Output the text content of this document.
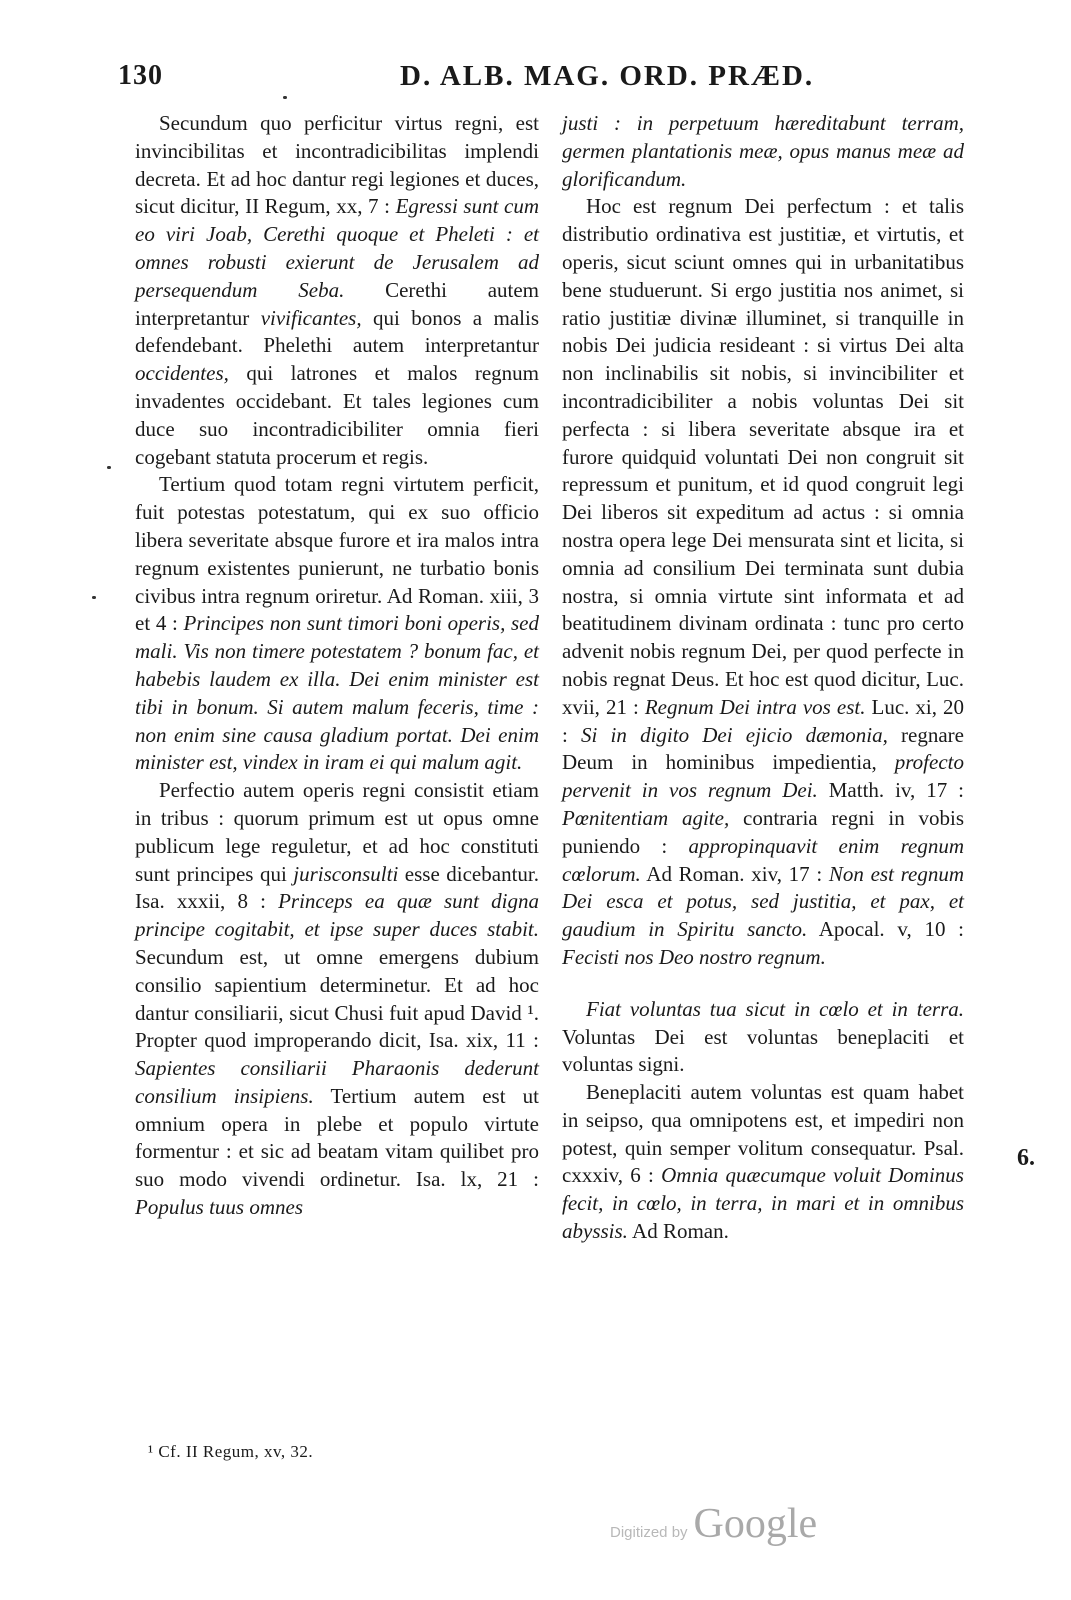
130	D. ALB. MAG. ORD. PRÆD.

Secundum quo perficitur virtus regni, est invincibilitas et incontradicibilitas implendi decreta. Et ad hoc dantur regi legiones et duces, sicut dicitur, II Regum, xx, 7 : Egressi sunt cum eo viri Joab, Cerethi quoque et Pheleti : et omnes robusti exierunt de Jerusalem ad persequendum Seba. Cerethi autem interpretantur vivificantes, qui bonos a malis defendebant. Phelethi autem interpretantur occidentes, qui latrones et malos regnum invadentes occidebant. Et tales legiones cum duce suo incontradicibiliter omnia fieri cogebant statuta procerum et regis.

Tertium quod totam regni virtutem perficit, fuit potestas potestatum, qui ex suo officio libera severitate absque furore et ira malos intra regnum existentes punierunt, ne turbatio bonis civibus intra regnum oriretur. Ad Roman. xiii, 3 et 4 : Principes non sunt timori boni operis, sed mali. Vis non timere potestatem ? bonum fac, et habebis laudem ex illa. Dei enim minister est tibi in bonum. Si autem malum feceris, time : non enim sine causa gladium portat. Dei enim minister est, vindex in iram ei qui malum agit.

Perfectio autem operis regni consistit etiam in tribus : quorum primum est ut opus omne publicum lege reguletur, et ad hoc constituti sunt principes qui jurisconsulti esse dicebantur. Isa. xxxii, 8 : Princeps ea quæ sunt digna principe cogitabit, et ipse super duces stabit. Secundum est, ut omne emergens dubium consilio sapientium determinetur. Et ad hoc dantur consiliarii, sicut Chusi fuit apud David ¹. Propter quod improperando dicit, Isa. xix, 11 : Sapientes consiliarii Pharaonis dederunt consilium insipiens. Tertium autem est ut omnium opera in plebe et populo virtute formentur : et sic ad beatam vitam quilibet pro suo modo vivendi ordinetur. Isa. lx, 21 : Populus tuus omnes

justi : in perpetuum hæreditabunt terram, germen plantationis meæ, opus manus meæ ad glorificandum.

Hoc est regnum Dei perfectum : et talis distributio ordinativa est justitiæ, et virtutis, et operis, sicut sciunt omnes qui in urbanitatibus bene studuerunt. Si ergo justitia nos animet, si ratio justitiæ divinæ illuminet, si tranquille in nobis Dei judicia resideant : si virtus Dei alta non inclinabilis sit nobis, si invincibiliter et incontradicibiliter a nobis voluntas Dei sit perfecta : si libera severitate absque ira et furore quidquid voluntati Dei non congruit sit repressum et punitum, et id quod congruit legi Dei liberos sit expeditum ad actus : si omnia nostra opera lege Dei mensurata sint et licita, si omnia ad consilium Dei terminata sunt dubia nostra, si omnia virtute sint informata et ad beatitudinem divinam ordinata : tunc pro certo advenit nobis regnum Dei, per quod perfecte in nobis regnat Deus. Et hoc est quod dicitur, Luc. xvii, 21 : Regnum Dei intra vos est. Luc. xi, 20 : Si in digito Dei ejicio dæmonia, regnare Deum in hominibus impedientia, profecto pervenit in vos regnum Dei. Matth. iv, 17 : Pœnitentiam agite, contraria regni in vobis puniendo : appropinquavit enim regnum cœlorum. Ad Roman. xiv, 17 : Non est regnum Dei esca et potus, sed justitia, et pax, et gaudium in Spiritu sancto. Apocal. v, 10 : Fecisti nos Deo nostro regnum.

Fiat voluntas tua sicut in cœlo et in terra. Voluntas Dei est voluntas beneplaciti et voluntas signi.

Beneplaciti autem voluntas est quam habet in seipso, qua omnipotens est, et impediri non potest, quin semper volitum consequatur. Psal. cxxxiv, 6 : Omnia quæcumque voluit Dominus fecit, in cœlo, in terra, in mari et in omnibus abyssis. Ad Roman.

6.
¹ Cf. II Regum, xv, 32.
Digitized by Google
